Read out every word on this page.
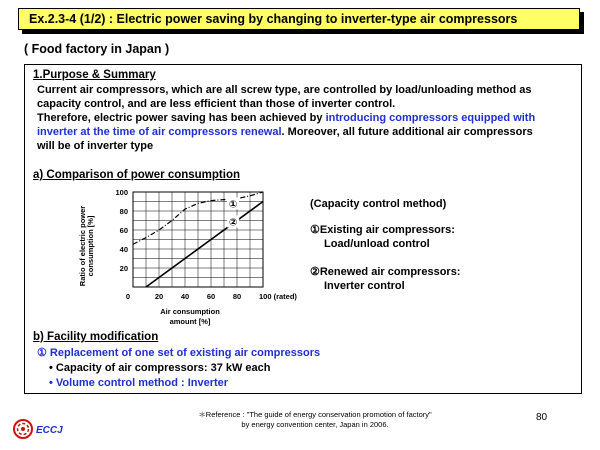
Ex.2.3-4 (1/2) : Electric power saving by changing to inverter-type air compressors
( Food factory in Japan )
1.Purpose & Summary
Current air compressors, which are all screw type, are controlled by load/unloading method as
capacity control, and are less efficient than those of inverter control.
Therefore, electric power saving has been achieved by introducing compressors equipped with
inverter at the time of air compressors renewal. Moreover, all future additional air compressors
will be of inverter type
a) Comparison of power consumption
(Capacity control method)
①Existing air compressors:
Load/unload control
②Renewed air compressors:
Inverter control
b) Facility modification
① Replacement of one set of existing air compressors
• Capacity of air compressors: 37 kW each
• Volume control method : Inverter
20
40
60
80
100
0	20 40 60 80 100 (rated)
①
②
Ratio of electric power consumption [%]
Air consumption
amount [%]
＊Reference : "The guide of energy conservation promotion of factory"
by energy convention center, Japan in 2006.
80
ECCJ
